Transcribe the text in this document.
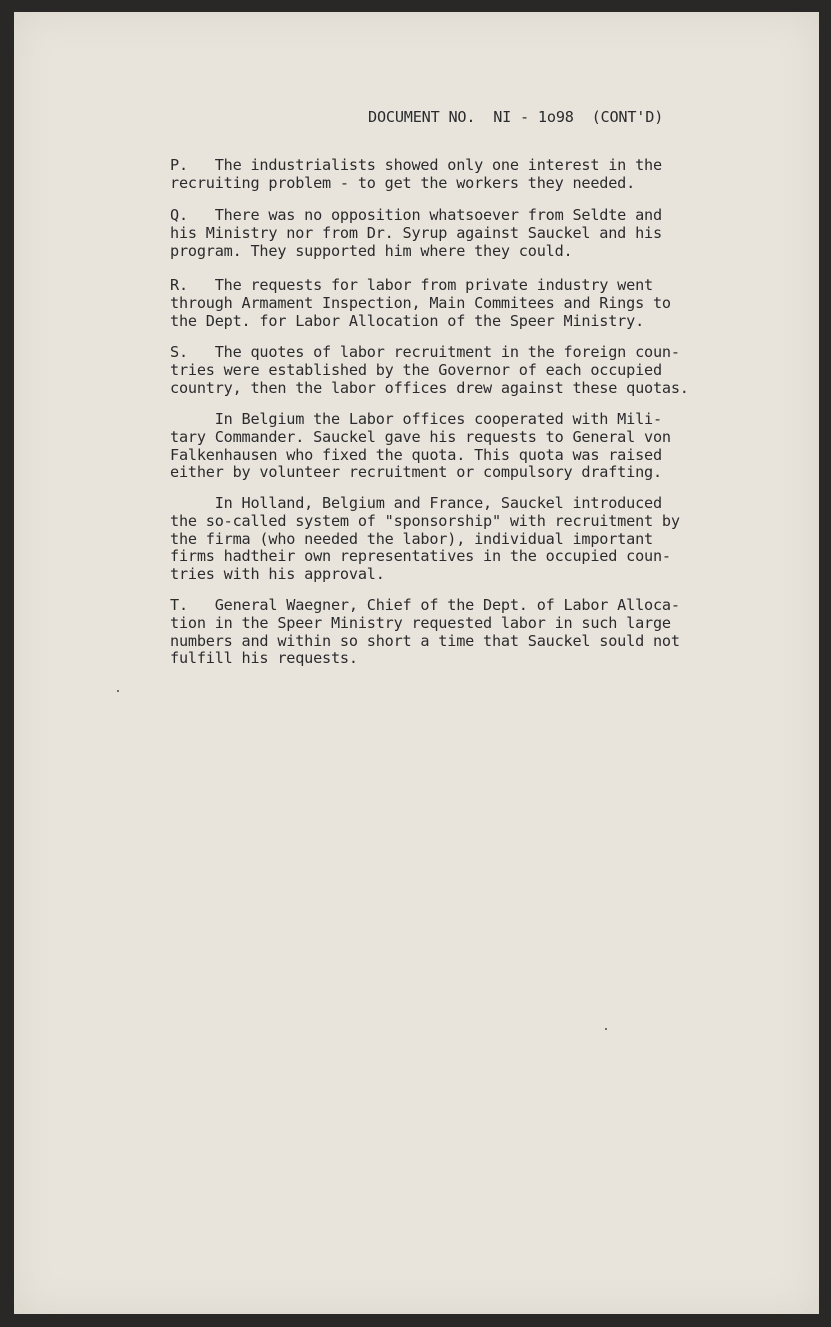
DOCUMENT NO.  NI - 1o98  (CONT'D)

P.   The industrialists showed only one interest in the
recruiting problem - to get the workers they needed.

Q.   There was no opposition whatsoever from Seldte and
his Ministry nor from Dr. Syrup against Sauckel and his
program. They supported him where they could.

R.   The requests for labor from private industry went
through Armament Inspection, Main Commitees and Rings to
the Dept. for Labor Allocation of the Speer Ministry.

S.   The quotes of labor recruitment in the foreign coun-
tries were established by the Governor of each occupied
country, then the labor offices drew against these quotas.

In Belgium the Labor offices cooperated with Mili-
tary Commander. Sauckel gave his requests to General von
Falkenhausen who fixed the quota. This quota was raised
either by volunteer recruitment or compulsory drafting.

In Holland, Belgium and France, Sauckel introduced
the so-called system of "sponsorship" with recruitment by
the firma (who needed the labor), individual important
firms hadtheir own representatives in the occupied coun-
tries with his approval.

T.   General Waegner, Chief of the Dept. of Labor Alloca-
tion in the Speer Ministry requested labor in such large
numbers and within so short a time that Sauckel sould not
fulfill his requests.
